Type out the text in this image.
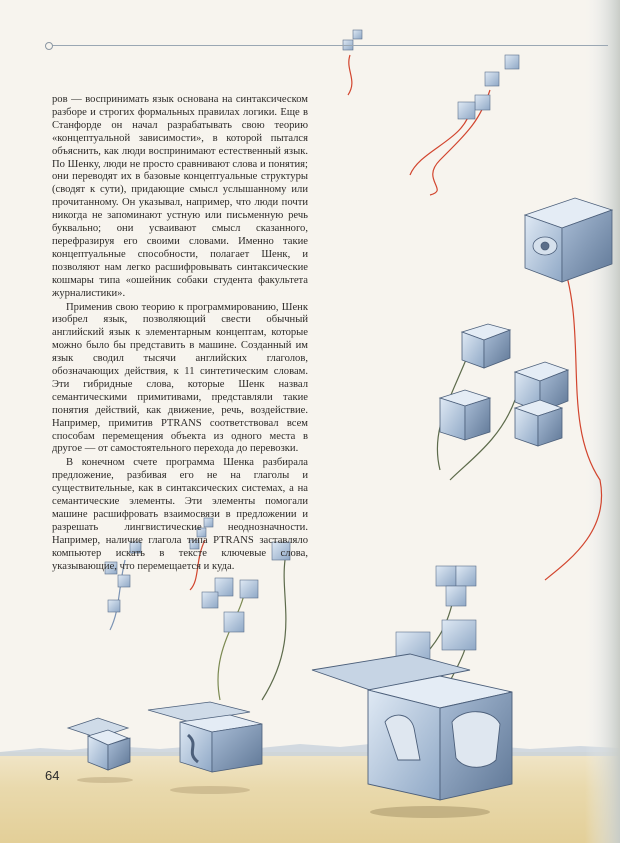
ров — воспринимать язык основана на синтаксическом разборе и строгих формальных правилах логики. Еще в Станфорде он начал разрабатывать свою теорию «концептуальной зависимости», в которой пытался объяснить, как люди воспринимают естественный язык. По Шенку, люди не просто сравнивают слова и понятия; они переводят их в базовые концептуальные структуры (сводят к сути), придающие смысл услышанному или прочитанному. Он указывал, например, что люди почти никогда не запоминают устную или письменную речь буквально; они усваивают смысл сказанного, перефразируя его своими словами. Именно такие концептуальные способности, полагает Шенк, и позволяют нам легко расшифровывать синтаксические кошмары типа «ошейник собаки студента факультета журналистики».

Применив свою теорию к программированию, Шенк изобрел язык, позволяющий свести обычный английский язык к элементарным концептам, которые можно было бы представить в машине. Созданный им язык сводил тысячи английских глаголов, обозначающих действия, к 11 синтетическим словам. Эти гибридные слова, которые Шенк назвал семантическими примитивами, представляли такие понятия действий, как движение, речь, воздействие. Например, примитив PTRANS соответствовал всем способам перемещения объекта из одного места в другое — от самостоятельного перехода до перевозки.

В конечном счете программа Шенка разбирала предложение, разбивая его не на глаголы и существительные, как в синтаксических системах, а на семантические элементы. Эти элементы помогали машине расшифровать взаимосвязи в предложении и разрешать лингвистические неоднозначности. Например, наличие глагола типа PTRANS заставляло компьютер искать в тексте ключевые слова, указывающие, что перемещается и куда.

64
